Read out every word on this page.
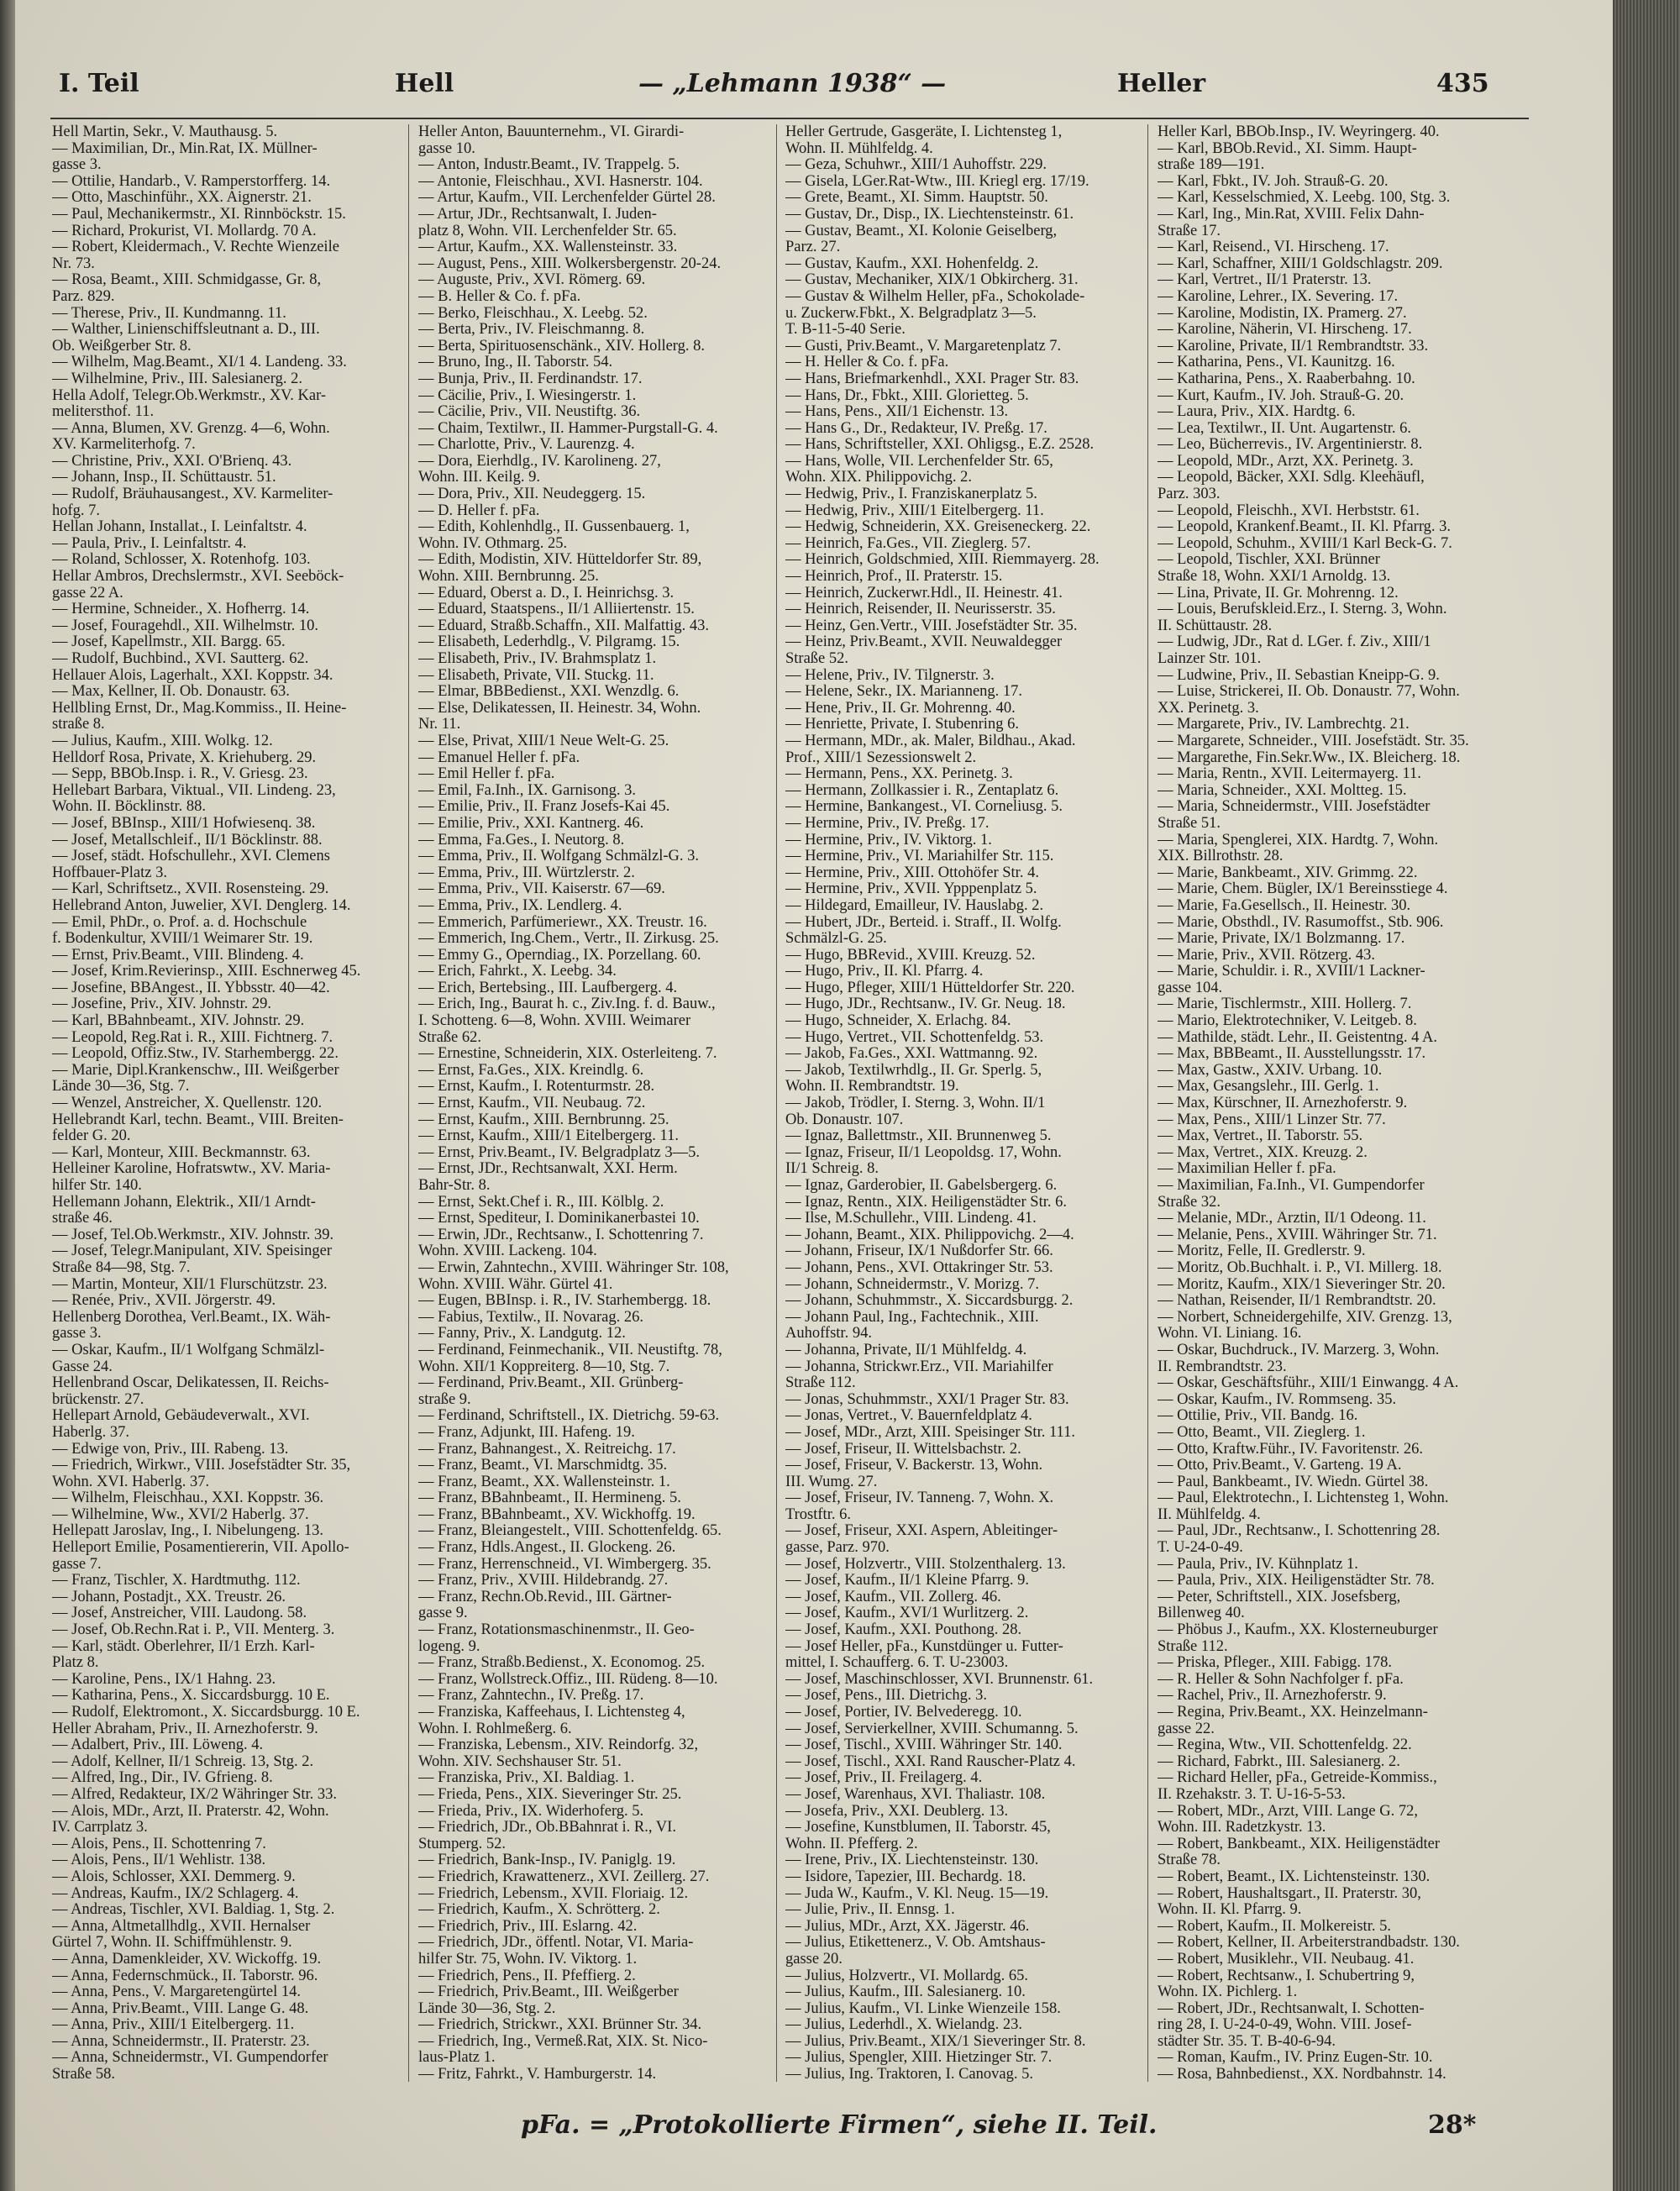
I. Teil	Hell	— „Lehmann 1938“ —	Heller	435
Hell Martin, Sekr., V. Mauthausg. 5.
— Maximilian, Dr., Min.Rat, IX. Müllner-
gasse 3.
— Ottilie, Handarb., V. Ramperstorfferg. 14.
— Otto, Maschinführ., XX. Aignerstr. 21.
— Paul, Mechanikermstr., XI. Rinnböckstr. 15.
— Richard, Prokurist, VI. Mollardg. 70 A.
— Robert, Kleidermach., V. Rechte Wienzeile
Nr. 73.
— Rosa, Beamt., XIII. Schmidgasse, Gr. 8,
Parz. 829.
— Therese, Priv., II. Kundmanng. 11.
— Walther, Linienschiffsleutnant a. D., III.
Ob. Weißgerber Str. 8.
— Wilhelm, Mag.Beamt., XI/1 4. Landeng. 33.
— Wilhelmine, Priv., III. Salesianerg. 2.
Hella Adolf, Telegr.Ob.Werkmstr., XV. Kar-
melitersthof. 11.
— Anna, Blumen, XV. Grenzg. 4—6, Wohn.
XV. Karmeliterhofg. 7.
— Christine, Priv., XXI. O'Brienq. 43.
— Johann, Insp., II. Schüttaustr. 51.
— Rudolf, Bräuhausangest., XV. Karmeliter-
hofg. 7.
Hellan Johann, Installat., I. Leinfaltstr. 4.
— Paula, Priv., I. Leinfaltstr. 4.
— Roland, Schlosser, X. Rotenhofg. 103.
Hellar Ambros, Drechslermstr., XVI. Seeböck-
gasse 22 A.
— Hermine, Schneider., X. Hofherrg. 14.
— Josef, Fouragehdl., XII. Wilhelmstr. 10.
— Josef, Kapellmstr., XII. Bargg. 65.
— Rudolf, Buchbind., XVI. Sautterg. 62.
Hellauer Alois, Lagerhalt., XXI. Koppstr. 34.
— Max, Kellner, II. Ob. Donaustr. 63.
Hellbling Ernst, Dr., Mag.Kommiss., II. Heine-
straße 8.
— Julius, Kaufm., XIII. Wolkg. 12.
Helldorf Rosa, Private, X. Kriehuberg. 29.
— Sepp, BBOb.Insp. i. R., V. Griesg. 23.
Hellebart Barbara, Viktual., VII. Lindeng. 23,
Wohn. II. Böcklinstr. 88.
— Josef, BBInsp., XIII/1 Hofwiesenq. 38.
— Josef, Metallschleif., II/1 Böcklinstr. 88.
— Josef, städt. Hofschullehr., XVI. Clemens
Hoffbauer-Platz 3.
— Karl, Schriftsetz., XVII. Rosensteing. 29.
Hellebrand Anton, Juwelier, XVI. Denglerg. 14.
— Emil, PhDr., o. Prof. a. d. Hochschule
f. Bodenkultur, XVIII/1 Weimarer Str. 19.
— Ernst, Priv.Beamt., VIII. Blindeng. 4.
— Josef, Krim.Revierinsp., XIII. Eschnerweg 45.
— Josefine, BBAngest., II. Ybbsstr. 40—42.
— Josefine, Priv., XIV. Johnstr. 29.
— Karl, BBahnbeamt., XIV. Johnstr. 29.
— Leopold, Reg.Rat i. R., XIII. Fichtnerg. 7.
— Leopold, Offiz.Stw., IV. Starhembergg. 22.
— Marie, Dipl.Krankenschw., III. Weißgerber
Lände 30—36, Stg. 7.
— Wenzel, Anstreicher, X. Quellenstr. 120.
Hellebrandt Karl, techn. Beamt., VIII. Breiten-
felder G. 20.
— Karl, Monteur, XIII. Beckmannstr. 63.
Helleiner Karoline, Hofratswtw., XV. Maria-
hilfer Str. 140.
Hellemann Johann, Elektrik., XII/1 Arndt-
straße 46.
— Josef, Tel.Ob.Werkmstr., XIV. Johnstr. 39.
— Josef, Telegr.Manipulant, XIV. Speisinger
Straße 84—98, Stg. 7.
— Martin, Monteur, XII/1 Flurschützstr. 23.
— Renée, Priv., XVII. Jörgerstr. 49.
Hellenberg Dorothea, Verl.Beamt., IX. Wäh-
gasse 3.
— Oskar, Kaufm., II/1 Wolfgang Schmälzl-
Gasse 24.
Hellenbrand Oscar, Delikatessen, II. Reichs-
brückenstr. 27.
Hellepart Arnold, Gebäudeverwalt., XVI.
Haberlg. 37.
— Edwige von, Priv., III. Rabeng. 13.
— Friedrich, Wirkwr., VIII. Josefstädter Str. 35,
Wohn. XVI. Haberlg. 37.
— Wilhelm, Fleischhau., XXI. Koppstr. 36.
— Wilhelmine, Ww., XVI/2 Haberlg. 37.
Hellepatt Jaroslav, Ing., I. Nibelungeng. 13.
Helleport Emilie, Posamentiererin, VII. Apollo-
gasse 7.
— Franz, Tischler, X. Hardtmuthg. 112.
— Johann, Postadjt., XX. Treustr. 26.
— Josef, Anstreicher, VIII. Laudong. 58.
— Josef, Ob.Rechn.Rat i. P., VII. Menterg. 3.
— Karl, städt. Oberlehrer, II/1 Erzh. Karl-
Platz 8.
— Karoline, Pens., IX/1 Hahng. 23.
— Katharina, Pens., X. Siccardsburgg. 10 E.
— Rudolf, Elektromont., X. Siccardsburgg. 10 E.
Heller Abraham, Priv., II. Arnezhoferstr. 9.
— Adalbert, Priv., III. Löweng. 4.
— Adolf, Kellner, II/1 Schreig. 13, Stg. 2.
— Alfred, Ing., Dir., IV. Gfrieng. 8.
— Alfred, Redakteur, IX/2 Währinger Str. 33.
— Alois, MDr., Arzt, II. Praterstr. 42, Wohn.
IV. Carrplatz 3.
— Alois, Pens., II. Schottenring 7.
— Alois, Pens., II/1 Wehlistr. 138.
— Alois, Schlosser, XXI. Demmerg. 9.
— Andreas, Kaufm., IX/2 Schlagerg. 4.
— Andreas, Tischler, XVI. Baldiag. 1, Stg. 2.
— Anna, Altmetallhdlg., XVII. Hernalser
Gürtel 7, Wohn. II. Schiffmühlenstr. 9.
— Anna, Damenkleider, XV. Wickoffg. 19.
— Anna, Federnschmück., II. Taborstr. 96.
— Anna, Pens., V. Margaretengürtel 14.
— Anna, Priv.Beamt., VIII. Lange G. 48.
— Anna, Priv., XIII/1 Eitelbergerg. 11.
— Anna, Schneidermstr., II. Praterstr. 23.
— Anna, Schneidermstr., VI. Gumpendorfer
Straße 58.
Heller Anton, Bauunternehm., VI. Girardi-
gasse 10.
— Anton, Industr.Beamt., IV. Trappelg. 5.
— Antonie, Fleischhau., XVI. Hasnerstr. 104.
— Artur, Kaufm., VII. Lerchenfelder Gürtel 28.
— Artur, JDr., Rechtsanwalt, I. Juden-
platz 8, Wohn. VII. Lerchenfelder Str. 65.
— Artur, Kaufm., XX. Wallensteinstr. 33.
— August, Pens., XIII. Wolkersbergenstr. 20-24.
— Auguste, Priv., XVI. Römerg. 69.
— B. Heller & Co. f. pFa.
— Berko, Fleischhau., X. Leebg. 52.
— Berta, Priv., IV. Fleischmanng. 8.
— Berta, Spirituosenschänk., XIV. Hollerg. 8.
— Bruno, Ing., II. Taborstr. 54.
— Bunja, Priv., II. Ferdinandstr. 17.
— Cäcilie, Priv., I. Wiesingerstr. 1.
— Cäcilie, Priv., VII. Neustiftg. 36.
— Chaim, Textilwr., II. Hammer-Purgstall-G. 4.
— Charlotte, Priv., V. Laurenzg. 4.
— Dora, Eierhdlg., IV. Karolineng. 27,
Wohn. III. Keilg. 9.
— Dora, Priv., XII. Neudeggerg. 15.
— D. Heller f. pFa.
— Edith, Kohlenhdlg., II. Gussenbauerg. 1,
Wohn. IV. Othmarg. 25.
— Edith, Modistin, XIV. Hütteldorfer Str. 89,
Wohn. XIII. Bernbrunng. 25.
— Eduard, Oberst a. D., I. Heinrichsg. 3.
— Eduard, Staatspens., II/1 Alliiertenstr. 15.
— Eduard, Straßb.Schaffn., XII. Malfattig. 43.
— Elisabeth, Lederhdlg., V. Pilgramg. 15.
— Elisabeth, Priv., IV. Brahmsplatz 1.
— Elisabeth, Private, VII. Stuckg. 11.
— Elmar, BBBedienst., XXI. Wenzdlg. 6.
— Else, Delikatessen, II. Heinestr. 34, Wohn.
Nr. 11.
— Else, Privat, XIII/1 Neue Welt-G. 25.
— Emanuel Heller f. pFa.
— Emil Heller f. pFa.
— Emil, Fa.Inh., IX. Garnisong. 3.
— Emilie, Priv., II. Franz Josefs-Kai 45.
— Emilie, Priv., XXI. Kantnerg. 46.
— Emma, Fa.Ges., I. Neutorg. 8.
— Emma, Priv., II. Wolfgang Schmälzl-G. 3.
— Emma, Priv., III. Würtzlerstr. 2.
— Emma, Priv., VII. Kaiserstr. 67—69.
— Emma, Priv., IX. Lendlerg. 4.
— Emmerich, Parfümeriewr., XX. Treustr. 16.
— Emmerich, Ing.Chem., Vertr., II. Zirkusg. 25.
— Emmy G., Operndiag., IX. Porzellang. 60.
— Erich, Fahrkt., X. Leebg. 34.
— Erich, Bertebsing., III. Laufbergerg. 4.
— Erich, Ing., Baurat h. c., Ziv.Ing. f. d. Bauw.,
I. Schotteng. 6—8, Wohn. XVIII. Weimarer
Straße 62.
— Ernestine, Schneiderin, XIX. Osterleiteng. 7.
— Ernst, Fa.Ges., XIX. Kreindlg. 6.
— Ernst, Kaufm., I. Rotenturmstr. 28.
— Ernst, Kaufm., VII. Neubaug. 72.
— Ernst, Kaufm., XIII. Bernbrunng. 25.
— Ernst, Kaufm., XIII/1 Eitelbergerg. 11.
— Ernst, Priv.Beamt., IV. Belgradplatz 3—5.
— Ernst, JDr., Rechtsanwalt, XXI. Herm.
Bahr-Str. 8.
— Ernst, Sekt.Chef i. R., III. Kölblg. 2.
— Ernst, Spediteur, I. Dominikanerbastei 10.
— Erwin, JDr., Rechtsanw., I. Schottenring 7.
Wohn. XVIII. Lackeng. 104.
— Erwin, Zahntechn., XVIII. Währinger Str. 108,
Wohn. XVIII. Währ. Gürtel 41.
— Eugen, BBInsp. i. R., IV. Starhembergg. 18.
— Fabius, Textilw., II. Novarag. 26.
— Fanny, Priv., X. Landgutg. 12.
— Ferdinand, Feinmechanik., VII. Neustiftg. 78,
Wohn. XII/1 Koppreiterg. 8—10, Stg. 7.
— Ferdinand, Priv.Beamt., XII. Grünberg-
straße 9.
— Ferdinand, Schriftstell., IX. Dietrichg. 59-63.
— Franz, Adjunkt, III. Hafeng. 19.
— Franz, Bahnangest., X. Reitreichg. 17.
— Franz, Beamt., VI. Marschmidtg. 35.
— Franz, Beamt., XX. Wallensteinstr. 1.
— Franz, BBahnbeamt., II. Hermineng. 5.
— Franz, BBahnbeamt., XV. Wickhoffg. 19.
— Franz, Bleiangestelt., VIII. Schottenfeldg. 65.
— Franz, Hdls.Angest., II. Glockeng. 26.
— Franz, Herrenschneid., VI. Wimbergerg. 35.
— Franz, Priv., XVIII. Hildebrandg. 27.
— Franz, Rechn.Ob.Revid., III. Gärtner-
gasse 9.
— Franz, Rotationsmaschinenmstr., II. Geo-
logeng. 9.
— Franz, Straßb.Bedienst., X. Economog. 25.
— Franz, Wollstreck.Offiz., III. Rüdeng. 8—10.
— Franz, Zahntechn., IV. Preßg. 17.
— Franziska, Kaffeehaus, I. Lichtensteg 4,
Wohn. I. Rohlmeßerg. 6.
— Franziska, Lebensm., XIV. Reindorfg. 32,
Wohn. XIV. Sechshauser Str. 51.
— Franziska, Priv., XI. Baldiag. 1.
— Frieda, Pens., XIX. Sieveringer Str. 25.
— Frieda, Priv., IX. Widerhoferg. 5.
— Friedrich, JDr., Ob.BBahnrat i. R., VI.
Stumperg. 52.
— Friedrich, Bank-Insp., IV. Paniglg. 19.
— Friedrich, Krawattenerz., XVI. Zeillerg. 27.
— Friedrich, Lebensm., XVII. Floriaig. 12.
— Friedrich, Kaufm., X. Schrötterg. 2.
— Friedrich, Priv., III. Eslarng. 42.
— Friedrich, JDr., öffentl. Notar, VI. Maria-
hilfer Str. 75, Wohn. IV. Viktorg. 1.
— Friedrich, Pens., II. Pfeffierg. 2.
— Friedrich, Priv.Beamt., III. Weißgerber
Lände 30—36, Stg. 2.
— Friedrich, Strickwr., XXI. Brünner Str. 34.
— Friedrich, Ing., Vermeß.Rat, XIX. St. Nico-
laus-Platz 1.
— Fritz, Fahrkt., V. Hamburgerstr. 14.
Heller Gertrude, Gasgeräte, I. Lichtensteg 1,
Wohn. II. Mühlfeldg. 4.
— Geza, Schuhwr., XIII/1 Auhoffstr. 229.
— Gisela, LGer.Rat-Wtw., III. Kriegl erg. 17/19.
— Grete, Beamt., XI. Simm. Hauptstr. 50.
— Gustav, Dr., Disp., IX. Liechtensteinstr. 61.
— Gustav, Beamt., XI. Kolonie Geiselberg,
Parz. 27.
— Gustav, Kaufm., XXI. Hohenfeldg. 2.
— Gustav, Mechaniker, XIX/1 Obkircherg. 31.
— Gustav & Wilhelm Heller, pFa., Schokolade-
u. Zuckerw.Fbkt., X. Belgradplatz 3—5.
T. B-11-5-40 Serie.
— Gusti, Priv.Beamt., V. Margaretenplatz 7.
— H. Heller & Co. f. pFa.
— Hans, Briefmarkenhdl., XXI. Prager Str. 83.
— Hans, Dr., Fbkt., XIII. Glorietteg. 5.
— Hans, Pens., XII/1 Eichenstr. 13.
— Hans G., Dr., Redakteur, IV. Preßg. 17.
— Hans, Schriftsteller, XXI. Ohligsg., E.Z. 2528.
— Hans, Wolle, VII. Lerchenfelder Str. 65,
Wohn. XIX. Philippovichg. 2.
— Hedwig, Priv., I. Franziskanerplatz 5.
— Hedwig, Priv., XIII/1 Eitelbergerg. 11.
— Hedwig, Schneiderin, XX. Greiseneckerg. 22.
— Heinrich, Fa.Ges., VII. Zieglerg. 57.
— Heinrich, Goldschmied, XIII. Riemmayerg. 28.
— Heinrich, Prof., II. Praterstr. 15.
— Heinrich, Zuckerwr.Hdl., II. Heinestr. 41.
— Heinrich, Reisender, II. Neurisserstr. 35.
— Heinz, Gen.Vertr., VIII. Josefstädter Str. 35.
— Heinz, Priv.Beamt., XVII. Neuwaldegger
Straße 52.
— Helene, Priv., IV. Tilgnerstr. 3.
— Helene, Sekr., IX. Marianneng. 17.
— Hene, Priv., II. Gr. Mohrenng. 40.
— Henriette, Private, I. Stubenring 6.
— Hermann, MDr., ak. Maler, Bildhau., Akad.
Prof., XIII/1 Sezessionswelt 2.
— Hermann, Pens., XX. Perinetg. 3.
— Hermann, Zollkassier i. R., Zentaplatz 6.
— Hermine, Bankangest., VI. Corneliusg. 5.
— Hermine, Priv., IV. Preßg. 17.
— Hermine, Priv., IV. Viktorg. 1.
— Hermine, Priv., VI. Mariahilfer Str. 115.
— Hermine, Priv., XIII. Ottohöfer Str. 4.
— Hermine, Priv., XVII. Ypppenplatz 5.
— Hildegard, Emailleur, IV. Hauslabg. 2.
— Hubert, JDr., Berteid. i. Straff., II. Wolfg.
Schmälzl-G. 25.
— Hugo, BBRevid., XVIII. Kreuzg. 52.
— Hugo, Priv., II. Kl. Pfarrg. 4.
— Hugo, Pfleger, XIII/1 Hütteldorfer Str. 220.
— Hugo, JDr., Rechtsanw., IV. Gr. Neug. 18.
— Hugo, Schneider, X. Erlachg. 84.
— Hugo, Vertret., VII. Schottenfeldg. 53.
— Jakob, Fa.Ges., XXI. Wattmanng. 92.
— Jakob, Textilwrhdlg., II. Gr. Sperlg. 5,
Wohn. II. Rembrandtstr. 19.
— Jakob, Trödler, I. Sterng. 3, Wohn. II/1
Ob. Donaustr. 107.
— Ignaz, Ballettmstr., XII. Brunnenweg 5.
— Ignaz, Friseur, II/1 Leopoldsg. 17, Wohn.
II/1 Schreig. 8.
— Ignaz, Garderobier, II. Gabelsbergerg. 6.
— Ignaz, Rentn., XIX. Heiligenstädter Str. 6.
— Ilse, M.Schullehr., VIII. Lindeng. 41.
— Johann, Beamt., XIX. Philippovichg. 2—4.
— Johann, Friseur, IX/1 Nußdorfer Str. 66.
— Johann, Pens., XVI. Ottakringer Str. 53.
— Johann, Schneidermstr., V. Morizg. 7.
— Johann, Schuhmmstr., X. Siccardsburgg. 2.
— Johann Paul, Ing., Fachtechnik., XIII.
Auhoffstr. 94.
— Johanna, Private, II/1 Mühlfeldg. 4.
— Johanna, Strickwr.Erz., VII. Mariahilfer
Straße 112.
— Jonas, Schuhmmstr., XXI/1 Prager Str. 83.
— Jonas, Vertret., V. Bauernfeldplatz 4.
— Josef, MDr., Arzt, XIII. Speisinger Str. 111.
— Josef, Friseur, II. Wittelsbachstr. 2.
— Josef, Friseur, V. Backerstr. 13, Wohn.
III. Wumg. 27.
— Josef, Friseur, IV. Tanneng. 7, Wohn. X.
Trostftr. 6.
— Josef, Friseur, XXI. Aspern, Ableitinger-
gasse, Parz. 970.
— Josef, Holzvertr., VIII. Stolzenthalerg. 13.
— Josef, Kaufm., II/1 Kleine Pfarrg. 9.
— Josef, Kaufm., VII. Zollerg. 46.
— Josef, Kaufm., XVI/1 Wurlitzerg. 2.
— Josef, Kaufm., XXI. Pouthong. 28.
— Josef Heller, pFa., Kunstdünger u. Futter-
mittel, I. Schaufferg. 6. T. U-23003.
— Josef, Maschinschlosser, XVI. Brunnenstr. 61.
— Josef, Pens., III. Dietrichg. 3.
— Josef, Portier, IV. Belvederegg. 10.
— Josef, Servierkellner, XVIII. Schumanng. 5.
— Josef, Tischl., XVIII. Währinger Str. 140.
— Josef, Tischl., XXI. Rand Rauscher-Platz 4.
— Josef, Priv., II. Freilagerg. 4.
— Josef, Warenhaus, XVI. Thaliastr. 108.
— Josefa, Priv., XXI. Deublerg. 13.
— Josefine, Kunstblumen, II. Taborstr. 45,
Wohn. II. Pfefferg. 2.
— Irene, Priv., IX. Liechtensteinstr. 130.
— Isidore, Tapezier, III. Bechardg. 18.
— Juda W., Kaufm., V. Kl. Neug. 15—19.
— Julie, Priv., II. Ennsg. 1.
— Julius, MDr., Arzt, XX. Jägerstr. 46.
— Julius, Etikettenerz., V. Ob. Amtshaus-
gasse 20.
— Julius, Holzvertr., VI. Mollardg. 65.
— Julius, Kaufm., III. Salesianerg. 10.
— Julius, Kaufm., VI. Linke Wienzeile 158.
— Julius, Lederhdl., X. Wielandg. 23.
— Julius, Priv.Beamt., XIX/1 Sieveringer Str. 8.
— Julius, Spengler, XIII. Hietzinger Str. 7.
— Julius, Ing. Traktoren, I. Canovag. 5.
Heller Karl, BBOb.Insp., IV. Weyringerg. 40.
— Karl, BBOb.Revid., XI. Simm. Haupt-
straße 189—191.
— Karl, Fbkt., IV. Joh. Strauß-G. 20.
— Karl, Kesselschmied, X. Leebg. 100, Stg. 3.
— Karl, Ing., Min.Rat, XVIII. Felix Dahn-
Straße 17.
— Karl, Reisend., VI. Hirscheng. 17.
— Karl, Schaffner, XIII/1 Goldschlagstr. 209.
— Karl, Vertret., II/1 Praterstr. 13.
— Karoline, Lehrer., IX. Severing. 17.
— Karoline, Modistin, IX. Pramerg. 27.
— Karoline, Näherin, VI. Hirscheng. 17.
— Karoline, Private, II/1 Rembrandtstr. 33.
— Katharina, Pens., VI. Kaunitzg. 16.
— Katharina, Pens., X. Raaberbahng. 10.
— Kurt, Kaufm., IV. Joh. Strauß-G. 20.
— Laura, Priv., XIX. Hardtg. 6.
— Lea, Textilwr., II. Unt. Augartenstr. 6.
— Leo, Bücherrevis., IV. Argentinierstr. 8.
— Leopold, MDr., Arzt, XX. Perinetg. 3.
— Leopold, Bäcker, XXI. Sdlg. Kleehäufl,
Parz. 303.
— Leopold, Fleischh., XVI. Herbststr. 61.
— Leopold, Krankenf.Beamt., II. Kl. Pfarrg. 3.
— Leopold, Schuhm., XVIII/1 Karl Beck-G. 7.
— Leopold, Tischler, XXI. Brünner
Straße 18, Wohn. XXI/1 Arnoldg. 13.
— Lina, Private, II. Gr. Mohrenng. 12.
— Louis, Berufskleid.Erz., I. Sterng. 3, Wohn.
II. Schüttaustr. 28.
— Ludwig, JDr., Rat d. LGer. f. Ziv., XIII/1
Lainzer Str. 101.
— Ludwine, Priv., II. Sebastian Kneipp-G. 9.
— Luise, Strickerei, II. Ob. Donaustr. 77, Wohn.
XX. Perinetg. 3.
— Margarete, Priv., IV. Lambrechtg. 21.
— Margarete, Schneider., VIII. Josefstädt. Str. 35.
— Margarethe, Fin.Sekr.Ww., IX. Bleicherg. 18.
— Maria, Rentn., XVII. Leitermayerg. 11.
— Maria, Schneider., XXI. Moltteg. 15.
— Maria, Schneidermstr., VIII. Josefstädter
Straße 51.
— Maria, Spenglerei, XIX. Hardtg. 7, Wohn.
XIX. Billrothstr. 28.
— Marie, Bankbeamt., XIV. Grimmg. 22.
— Marie, Chem. Bügler, IX/1 Bereinsstiege 4.
— Marie, Fa.Gesellsch., II. Heinestr. 30.
— Marie, Obsthdl., IV. Rasumoffst., Stb. 906.
— Marie, Private, IX/1 Bolzmanng. 17.
— Marie, Priv., XVII. Rötzerg. 43.
— Marie, Schuldir. i. R., XVIII/1 Lackner-
gasse 104.
— Marie, Tischlermstr., XIII. Hollerg. 7.
— Mario, Elektrotechniker, V. Leitgeb. 8.
— Mathilde, städt. Lehr., II. Geistentng. 4 A.
— Max, BBBeamt., II. Ausstellungsstr. 17.
— Max, Gastw., XXIV. Urbang. 10.
— Max, Gesangslehr., III. Gerlg. 1.
— Max, Kürschner, II. Arnezhoferstr. 9.
— Max, Pens., XIII/1 Linzer Str. 77.
— Max, Vertret., II. Taborstr. 55.
— Max, Vertret., XIX. Kreuzg. 2.
— Maximilian Heller f. pFa.
— Maximilian, Fa.Inh., VI. Gumpendorfer
Straße 32.
— Melanie, MDr., Ärztin, II/1 Odeong. 11.
— Melanie, Pens., XVIII. Währinger Str. 71.
— Moritz, Felle, II. Gredlerstr. 9.
— Moritz, Ob.Buchhalt. i. P., VI. Millerg. 18.
— Moritz, Kaufm., XIX/1 Sieveringer Str. 20.
— Nathan, Reisender, II/1 Rembrandtstr. 20.
— Norbert, Schneidergehilfe, XIV. Grenzg. 13,
Wohn. VI. Liniang. 16.
— Oskar, Buchdruck., IV. Marzerg. 3, Wohn.
II. Rembrandtstr. 23.
— Oskar, Geschäftsführ., XIII/1 Einwangg. 4 A.
— Oskar, Kaufm., IV. Rommseng. 35.
— Ottilie, Priv., VII. Bandg. 16.
— Otto, Beamt., VII. Zieglerg. 1.
— Otto, Kraftw.Führ., IV. Favoritenstr. 26.
— Otto, Priv.Beamt., V. Garteng. 19 A.
— Paul, Bankbeamt., IV. Wiedn. Gürtel 38.
— Paul, Elektrotechn., I. Lichtensteg 1, Wohn.
II. Mühlfeldg. 4.
— Paul, JDr., Rechtsanw., I. Schottenring 28.
T. U-24-0-49.
— Paula, Priv., IV. Kühnplatz 1.
— Paula, Priv., XIX. Heiligenstädter Str. 78.
— Peter, Schriftstell., XIX. Josefsberg,
Billenweg 40.
— Phöbus J., Kaufm., XX. Klosterneuburger
Straße 112.
— Priska, Pfleger., XIII. Fabigg. 178.
— R. Heller & Sohn Nachfolger f. pFa.
— Rachel, Priv., II. Arnezhoferstr. 9.
— Regina, Priv.Beamt., XX. Heinzelmann-
gasse 22.
— Regina, Wtw., VII. Schottenfeldg. 22.
— Richard, Fabrkt., III. Salesianerg. 2.
— Richard Heller, pFa., Getreide-Kommiss.,
II. Rzehakstr. 3. T. U-16-5-53.
— Robert, MDr., Arzt, VIII. Lange G. 72,
Wohn. III. Radetzkystr. 13.
— Robert, Bankbeamt., XIX. Heiligenstädter
Straße 78.
— Robert, Beamt., IX. Lichtensteinstr. 130.
— Robert, Haushaltsgart., II. Praterstr. 30,
Wohn. II. Kl. Pfarrg. 9.
— Robert, Kaufm., II. Molkereistr. 5.
— Robert, Kellner, II. Arbeiterstrandbadstr. 130.
— Robert, Musiklehr., VII. Neubaug. 41.
— Robert, Rechtsanw., I. Schubertring 9,
Wohn. IX. Pichlerg. 1.
— Robert, JDr., Rechtsanwalt, I. Schotten-
ring 28, I. U-24-0-49, Wohn. VIII. Josef-
städter Str. 35. T. B-40-6-94.
— Roman, Kaufm., IV. Prinz Eugen-Str. 10.
— Rosa, Bahnbedienst., XX. Nordbahnstr. 14.
pFa. = „Protokollierte Firmen“, siehe II. Teil.	28*
